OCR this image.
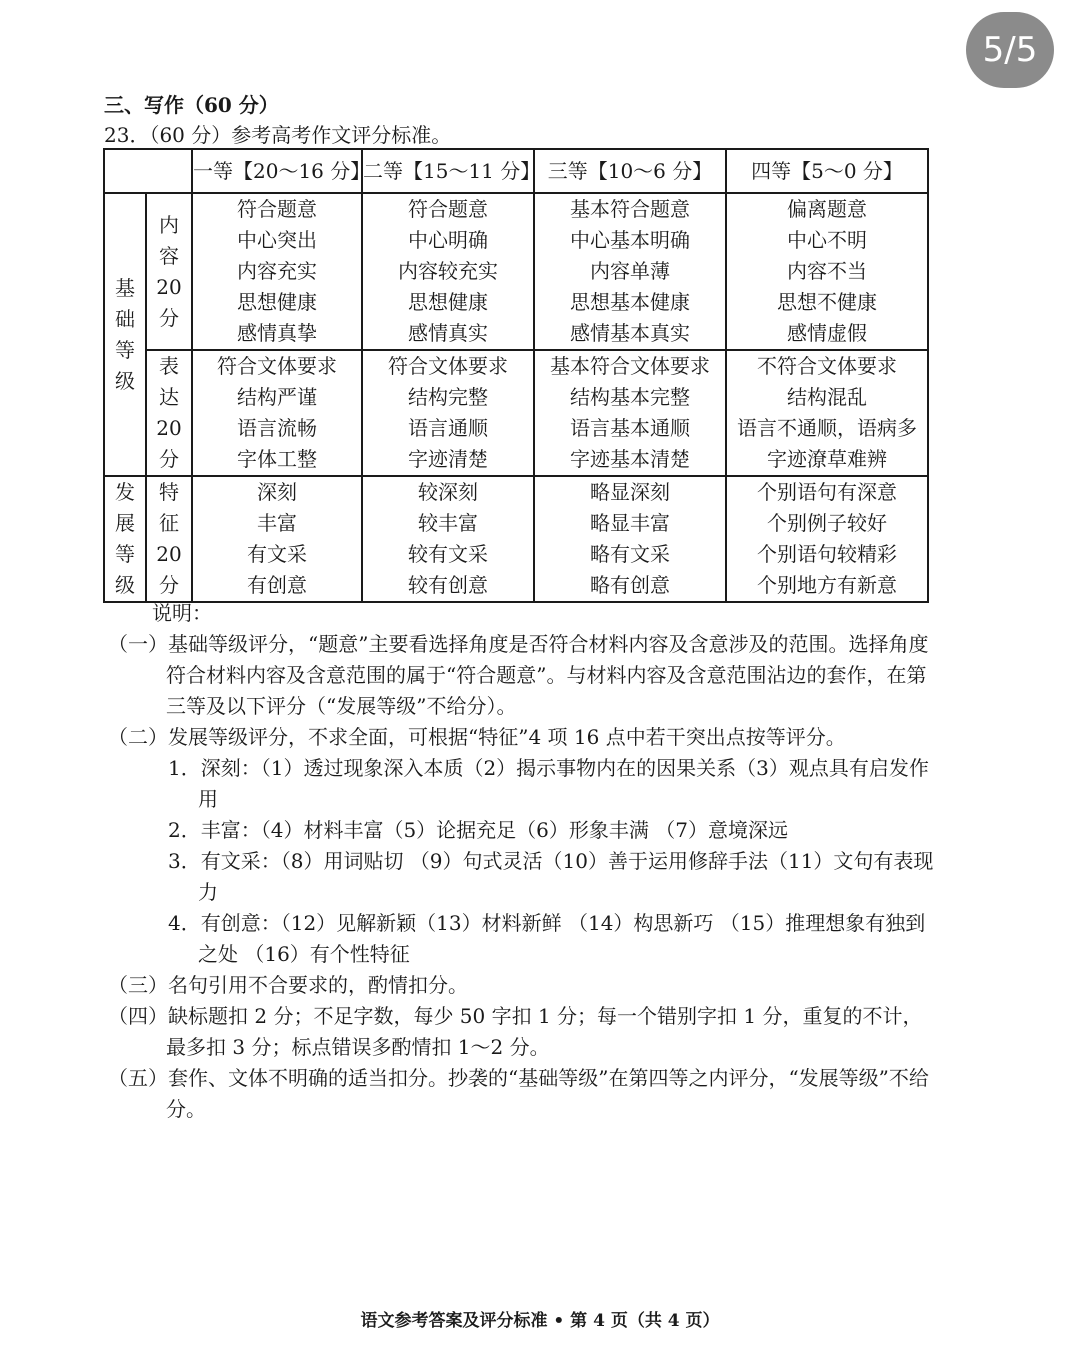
5/5
三、写作（60 分）
23．（60 分）参考高考作文评分标准。
		一等【20～16 分】	二等【15～11 分】	三等【10～6 分】	四等【5～0 分】

基
础
等
级	内
容
20
分	符合题意
中心突出
内容充实
思想健康
感情真挚	符合题意
中心明确
内容较充实
思想健康
感情真实	基本符合题意
中心基本明确
内容单薄
思想基本健康
感情基本真实	偏离题意
中心不明
内容不当
思想不健康
感情虚假

	表
达
20
分	符合文体要求
结构严谨
语言流畅
字体工整	符合文体要求
结构完整
语言通顺
字迹清楚	基本符合文体要求
结构基本完整
语言基本通顺
字迹基本清楚	不符合文体要求
结构混乱
语言不通顺，语病多
字迹潦草难辨

发
展
等
级	特
征
20
分	深刻
丰富
有文采
有创意	较深刻
较丰富
较有文采
较有创意	略显深刻
略显丰富
略有文采
略有创意	个别语句有深意
个别例子较好
个别语句较精彩
个别地方有新意
说明：
（一）基础等级评分，“题意”主要看选择角度是否符合材料内容及含意涉及的范围。选择角度符合材料内容及含意范围的属于“符合题意”。与材料内容及含意范围沾边的套作，在第三等及以下评分（“发展等级”不给分）。
（二）发展等级评分，不求全面，可根据“特征”4 项 16 点中若干突出点按等评分。
1．深刻：（1）透过现象深入本质（2）揭示事物内在的因果关系（3）观点具有启发作用
2．丰富：（4）材料丰富（5）论据充足（6）形象丰满 （7）意境深远
3．有文采：（8）用词贴切 （9）句式灵活（10）善于运用修辞手法（11）文句有表现力
4．有创意：（12）见解新颖（13）材料新鲜 （14）构思新巧 （15）推理想象有独到之处 （16）有个性特征
（三）名句引用不合要求的，酌情扣分。
（四）缺标题扣 2 分；不足字数，每少 50 字扣 1 分；每一个错别字扣 1 分，重复的不计，最多扣 3 分；标点错误多酌情扣 1～2 分。
（五）套作、文体不明确的适当扣分。抄袭的“基础等级”在第四等之内评分，“发展等级”不给分。
语文参考答案及评分标准 • 第 4 页（共 4 页）
